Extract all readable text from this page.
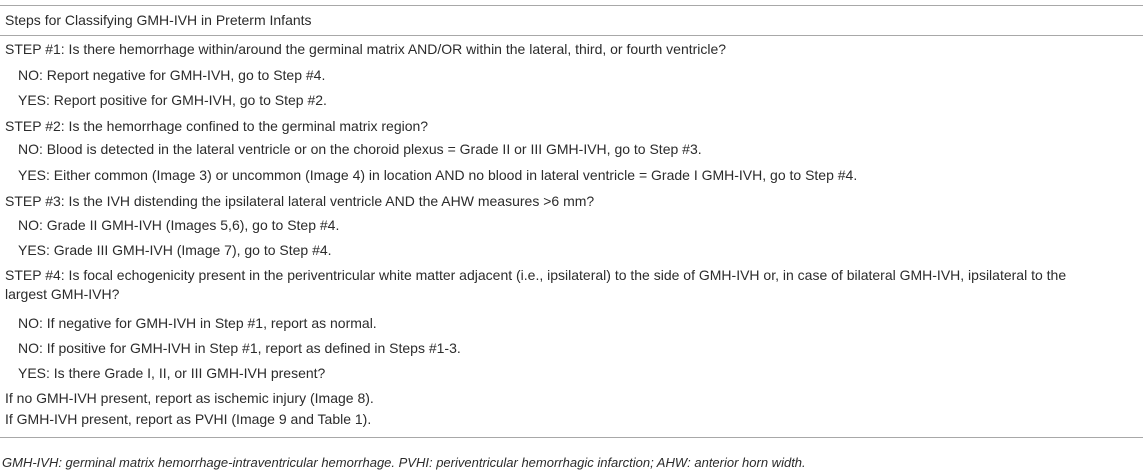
Steps for Classifying GMH-IVH in Preterm Infants
STEP #1: Is there hemorrhage within/around the germinal matrix AND/OR within the lateral, third, or fourth ventricle?
NO: Report negative for GMH-IVH, go to Step #4.
YES: Report positive for GMH-IVH, go to Step #2.
STEP #2: Is the hemorrhage confined to the germinal matrix region?
NO: Blood is detected in the lateral ventricle or on the choroid plexus = Grade II or III GMH-IVH, go to Step #3.
YES: Either common (Image 3) or uncommon (Image 4) in location AND no blood in lateral ventricle = Grade I GMH-IVH, go to Step #4.
STEP #3: Is the IVH distending the ipsilateral lateral ventricle AND the AHW measures >6 mm?
NO: Grade II GMH-IVH (Images 5,6), go to Step #4.
YES: Grade III GMH-IVH (Image 7), go to Step #4.
STEP #4: Is focal echogenicity present in the periventricular white matter adjacent (i.e., ipsilateral) to the side of GMH-IVH or, in case of bilateral GMH-IVH, ipsilateral to the largest GMH-IVH?
NO: If negative for GMH-IVH in Step #1, report as normal.
NO: If positive for GMH-IVH in Step #1, report as defined in Steps #1-3.
YES: Is there Grade I, II, or III GMH-IVH present?
If no GMH-IVH present, report as ischemic injury (Image 8).
If GMH-IVH present, report as PVHI (Image 9 and Table 1).
GMH-IVH: germinal matrix hemorrhage-intraventricular hemorrhage. PVHI: periventricular hemorrhagic infarction; AHW: anterior horn width.
